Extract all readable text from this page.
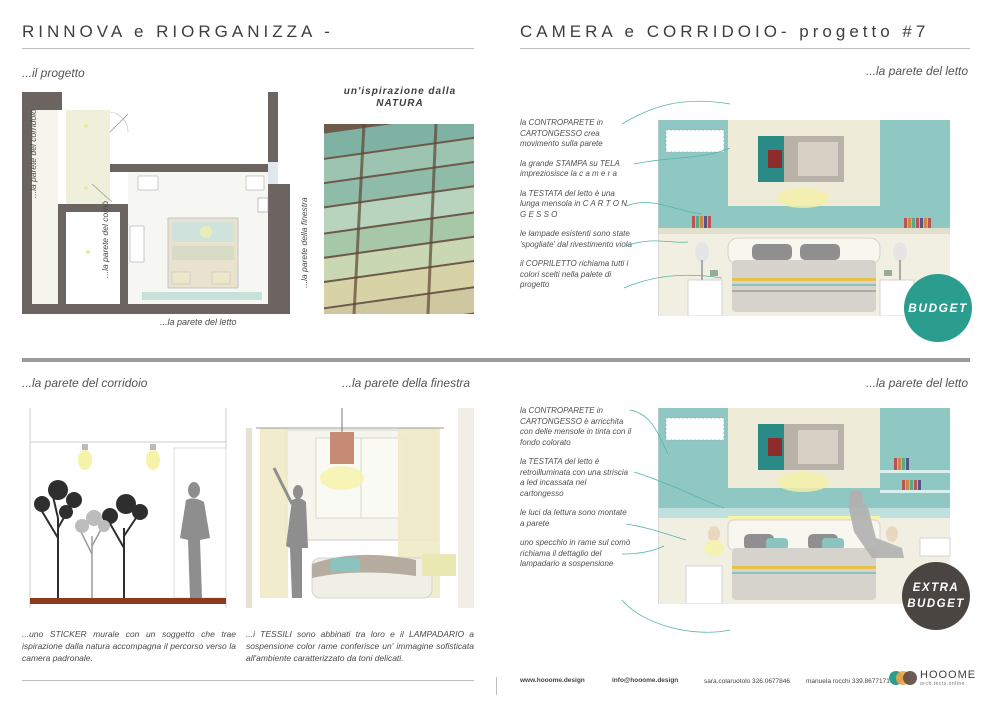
RINNOVA e RIORGANIZZA -	CAMERA e CORRIDOIO- progetto #7
...il progetto
...la parete del corridoio
...la parete del comò	...la parete della finestra
...la parete del letto
un'ispirazione dalla NATURA
...la parete del letto

la CONTROPARETE in CARTONGESSO crea movimento sulla parete

la grande STAMPA su TELA impreziosisce la c a m e r a

la TESTATA del letto è una lunga mensola in C A R T O N G E S S O

le lampade esistenti sono state 'spogliate' dal rivestimento viola

il COPRILETTO richiama tutti i colori scelti nella palete di progetto

BUDGET
...la parete del corridoio	...la parete della finestra
...uno STICKER murale con un soggetto che trae ispirazione dalla natura accompagna il percorso verso la camera padronale.
...i TESSILI sono abbinati tra loro e il LAMPADARIO a sospensione color rame conferisce un' immagine sofisticata all'ambiente caratterizzato da toni delicati.
...la parete del letto

la CONTROPARETE in CARTONGESSO è arricchita con delle mensole in tinta con il fondo colorato

la TESTATA del letto è retroilluminata con una striscia a led incassata nel cartongesso

le luci da lettura sono montate a parete

uno specchio in rame sul comò richiama il dettaglio del lampadario a sospensione

EXTRA BUDGET
www.hooome.design	info@hooome.design	sara.colaruotolo 326.0677846 manuela rocchi 339.8677171
HOOOME
arch.tects.online
